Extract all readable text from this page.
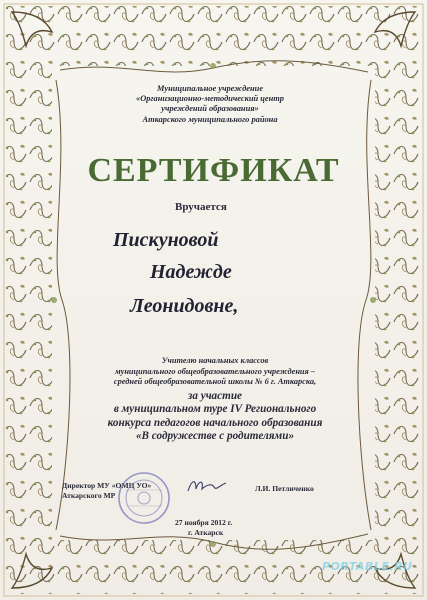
Муниципальное учреждение
«Организационно-методический центр
учреждений образования»
Аткарского муниципального района
СЕРТИФИКАТ
Вручается
Пискуновой
Надежде
Леонидовне,
Учителю начальных классов
муниципального общеобразовательного учреждения –
средней общеобразовательной школы № 6 г. Аткарска,
за участие
в муниципальном туре IV Регионального
конкурса педагогов начального образования
«В содружестве с родителями»
Директор МУ «ОМЦ УО»
Аткарского МР
Л.И. Петличенко
27 ноября 2012 г.
г. Аткарск
PORTABLE.RU
